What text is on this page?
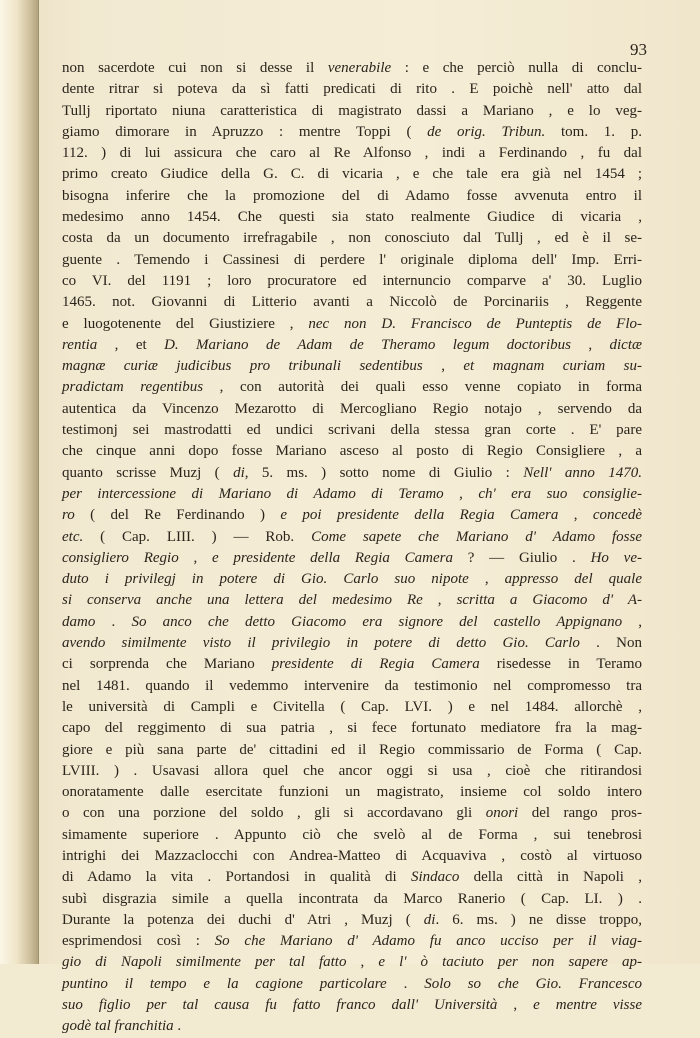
93
non sacerdote cui non si desse il venerabile : e che perciò nulla di conclu-
dente ritrar si poteva da sì fatti predicati di rito . E poichè nell' atto dal
Tullj riportato niuna caratteristica di magistrato dassi a Mariano , e lo veg-
giamo dimorare in Apruzzo : mentre Toppi ( de orig. Tribun. tom. 1. p.
112. ) di lui assicura che caro al Re Alfonso , indi a Ferdinando , fu dal
primo creato Giudice della G. C. di vicaria , e che tale era già nel 1454 ;
bisogna inferire che la promozione del di Adamo fosse avvenuta entro il
medesimo anno 1454. Che questi sia stato realmente Giudice di vicaria ,
costa da un documento irrefragabile , non conosciuto dal Tullj , ed è il se-
guente . Temendo i Cassinesi di perdere l' originale diploma dell' Imp. Erri-
co VI. del 1191 ; loro procuratore ed internuncio comparve a' 30. Luglio
1465. not. Giovanni di Litterio avanti a Niccolò de Porcinariis , Reggente
e luogotenente del Giustiziere , nec non D. Francisco de Punteptis de Flo-
rentia , et D. Mariano de Adam de Theramo legum doctoribus , dictæ
magnæ curiæ judicibus pro tribunali sedentibus , et magnam curiam su-
pradictam regentibus , con autorità dei quali esso venne copiato in forma
autentica da Vincenzo Mezarotto di Mercogliano Regio notajo , servendo da
testimonj sei mastrodatti ed undici scrivani della stessa gran corte . E' pare
che cinque anni dopo fosse Mariano asceso al posto di Regio Consigliere , a
quanto scrisse Muzj ( di, 5. ms. ) sotto nome di Giulio : Nell' anno 1470.
per intercessione di Mariano di Adamo di Teramo , ch' era suo consiglie-
ro ( del Re Ferdinando ) e poi presidente della Regia Camera , concedè
etc. ( Cap. LIII. ) — Rob. Come sapete che Mariano d' Adamo fosse
consigliero Regio , e presidente della Regia Camera ? — Giulio . Ho ve-
duto i privilegj in potere di Gio. Carlo suo nipote , appresso del quale
si conserva anche una lettera del medesimo Re , scritta a Giacomo d' A-
damo . So anco che detto Giacomo era signore del castello Appignano ,
avendo similmente visto il privilegio in potere di detto Gio. Carlo . Non
ci sorprenda che Mariano presidente di Regia Camera risedesse in Teramo
nel 1481. quando il vedemmo intervenire da testimonio nel compromesso tra
le università di Campli e Civitella ( Cap. LVI. ) e nel 1484. allorchè ,
capo del reggimento di sua patria , si fece fortunato mediatore fra la mag-
giore e più sana parte de' cittadini ed il Regio commissario de Forma ( Cap.
LVIII. ) . Usavasi allora quel che ancor oggi si usa , cioè che ritirandosi
onoratamente dalle esercitate funzioni un magistrato, insieme col soldo intero
o con una porzione del soldo , gli si accordavano gli onori del rango pros-
simamente superiore . Appunto ciò che svelò al de Forma , sui tenebrosi
intrighi dei Mazzaclocchi con Andrea-Matteo di Acquaviva , costò al virtuoso
di Adamo la vita . Portandosi in qualità di Sindaco della città in Napoli ,
subì disgrazia simile a quella incontrata da Marco Ranerio ( Cap. LI. ) .
Durante la potenza dei duchi d' Atri , Muzj ( di. 6. ms. ) ne disse troppo,
esprimendosi così : So che Mariano d' Adamo fu anco ucciso per il viag-
gio di Napoli similmente per tal fatto , e l' ò taciuto per non sapere ap-
puntino il tempo e la cagione particolare . Solo so che Gio. Francesco
suo figlio per tal causa fu fatto franco dall' Università , e mentre visse
godè tal franchitia .
